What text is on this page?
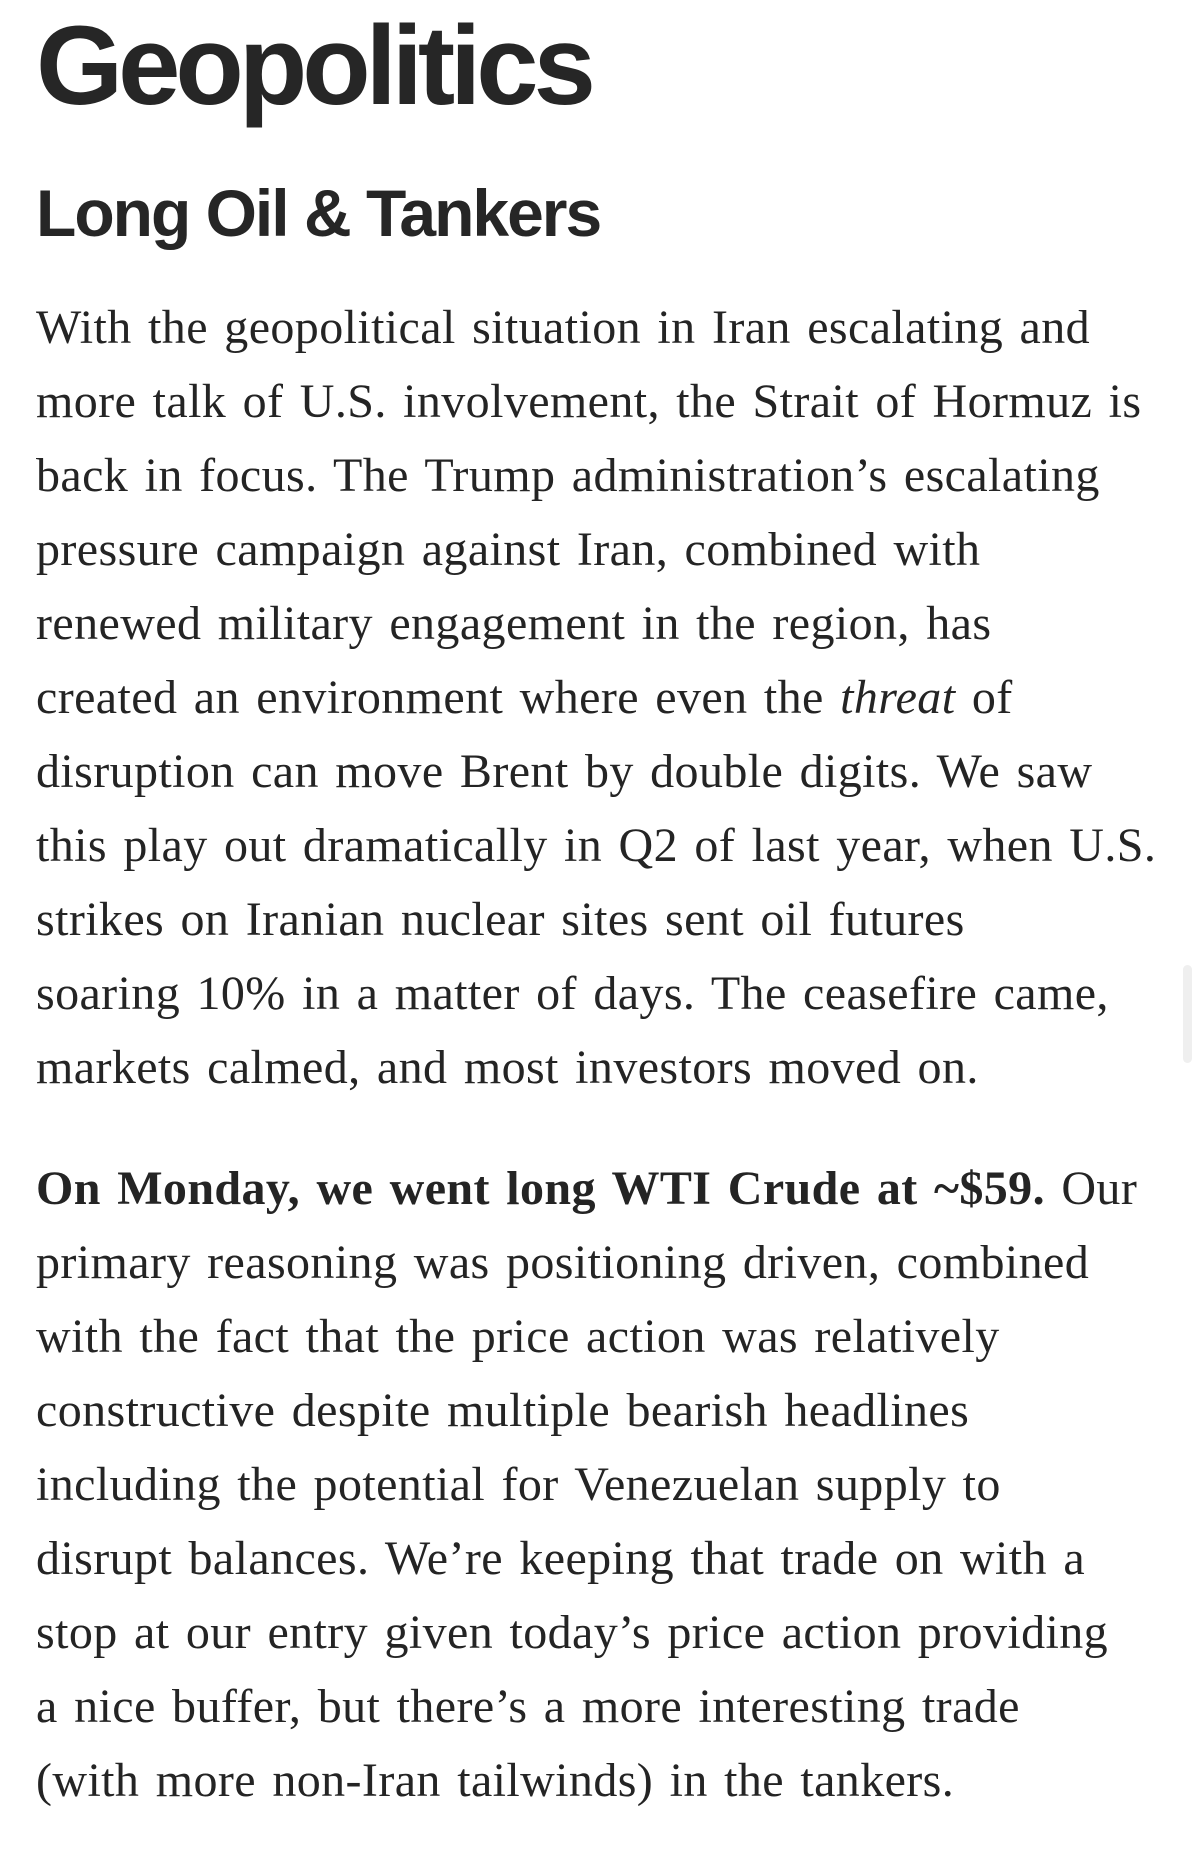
Geopolitics
Long Oil & Tankers
With the geopolitical situation in Iran escalating and
more talk of U.S. involvement, the Strait of Hormuz is
back in focus. The Trump administration’s escalating
pressure campaign against Iran, combined with
renewed military engagement in the region, has
created an environment where even the threat of
disruption can move Brent by double digits. We saw
this play out dramatically in Q2 of last year, when U.S.
strikes on Iranian nuclear sites sent oil futures
soaring 10% in a matter of days. The ceasefire came,
markets calmed, and most investors moved on.
On Monday, we went long WTI Crude at ~$59. Our
primary reasoning was positioning driven, combined
with the fact that the price action was relatively
constructive despite multiple bearish headlines
including the potential for Venezuelan supply to
disrupt balances. We’re keeping that trade on with a
stop at our entry given today’s price action providing
a nice buffer, but there’s a more interesting trade
(with more non-Iran tailwinds) in the tankers.
